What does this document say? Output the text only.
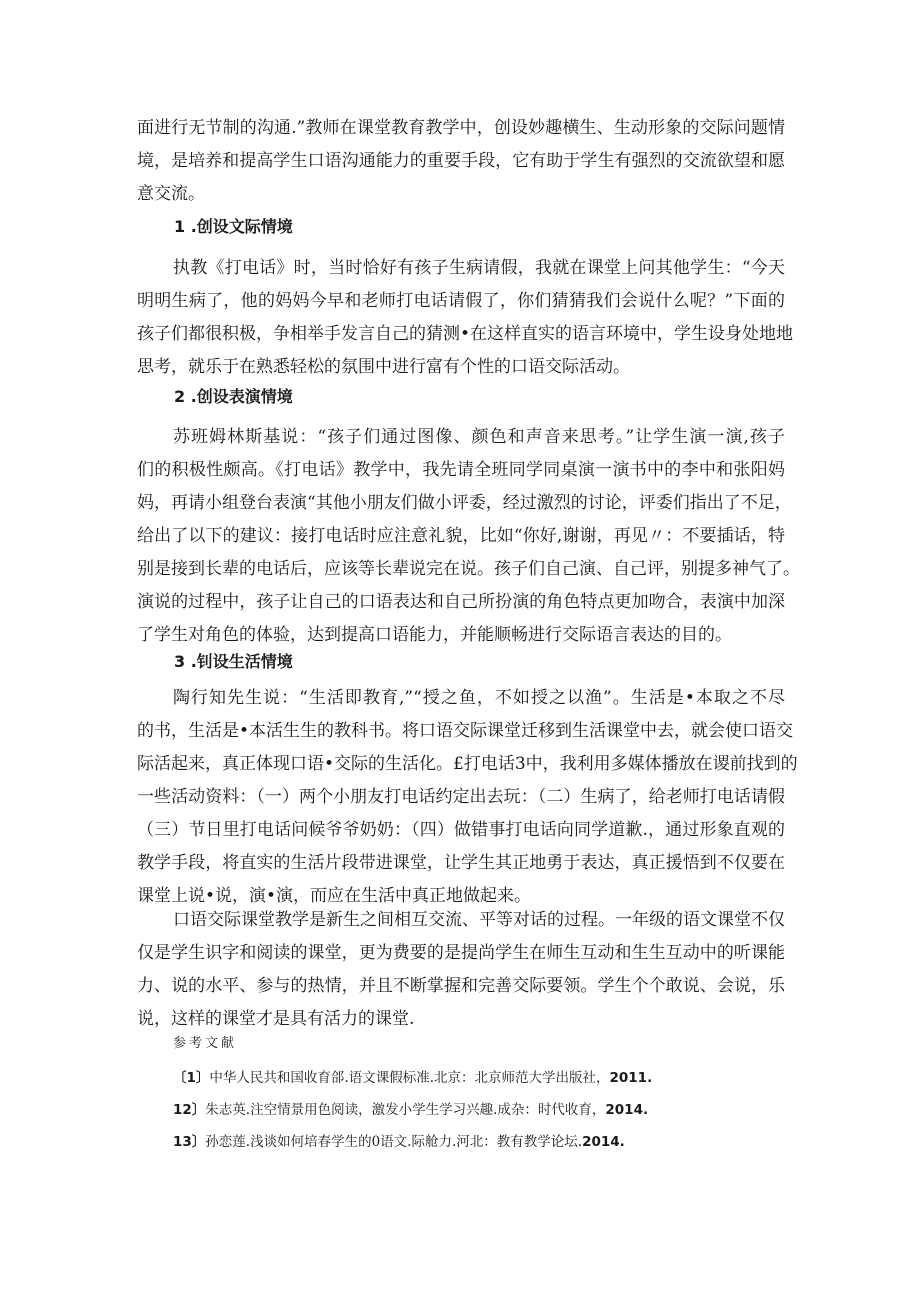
面进行无节制的沟通.”教师在课堂教育教学中，创设妙趣横生、生动形象的交际问题情
境，是培养和提高学生口语沟通能力的重要手段，它有助于学生有强烈的交流欲望和愿
意交流。
1 .创设文际情境
执教《打电话》时，当时恰好有孩子生病请假，我就在课堂上问其他学生：“今天
明明生病了，他的妈妈今早和老师打电话请假了，你们猜猜我们会说什么呢？”下面的
孩子们都很积极，争相举手发言自己的猜测•在这样直实的语言环境中，学生设身处地地
思考，就乐于在熟悉轻松的氛围中进行富有个性的口语交际活动。
2 .创设表演情境
苏班姆林斯基说：“孩子们通过图像、颜色和声音来思考。”让学生演一演,孩子
们的积极性颇高。《打电话》教学中，我先请全班同学同桌演一演书中的李中和张阳妈
妈，再请小组登台表演“其他小朋友们做小评委，经过激烈的讨论，评委们指出了不足，
给出了以下的建议：接打电话时应注意礼貌，比如“你好,谢谢，再见〃：不要插话，特
别是接到长辈的电话后，应该等长辈说完在说。孩子们自己演、自己评，别提多神气了。
演说的过程中，孩子让自己的口语表达和自己所扮演的角色特点更加吻合，表演中加深
了学生对角色的体验，达到提高口语能力，并能顺畅进行交际语言表达的目的。
3 .钊设生活情境
陶行知先生说：“生活即教育,”“授之鱼，不如授之以渔”。生活是•本取之不尽
的书，生活是•本活生生的教科书。将口语交际课堂迁移到生活课堂中去，就会使口语交
际活起来，真正体现口语•交际的生活化。£打电话3中，我利用多媒体播放在谡前找到的
一些活动资料：（一）两个小朋友打电话约定出去玩：（二）生病了，给老师打电话请假
（三）节日里打电话问候爷爷奶奶：（四）做错事打电话向同学道歉.，通过形象直观的
教学手段，将直实的生活片段带进课堂，让学生其正地勇于表达，真正援悟到不仅要在
课堂上说•说，演•演，而应在生活中真正地做起来。
口语交际课堂教学是新生之间相互交流、平等对话的过程。一年级的语文课堂不仅
仅是学生识字和阅读的课堂，更为费要的是提尚学生在师生互动和生生互动中的听课能
力、说的水平、参与的热情，并且不断掌握和完善交际要领。学生个个敢说、会说，乐
说，这样的课堂才是具有活力的课堂.
参考文献
〔1〕中华人民共和国收育郃.语文课假标准.北京：北京师范大学出版社，2011.
12〕朱志英.注空情景用色阅读，激发小学生学习兴趣.成杂：时代收育，2014.
13〕孙恋莲.浅谈如何培春学生的0语文.际舱力.河北：教有教学论坛.2014.
